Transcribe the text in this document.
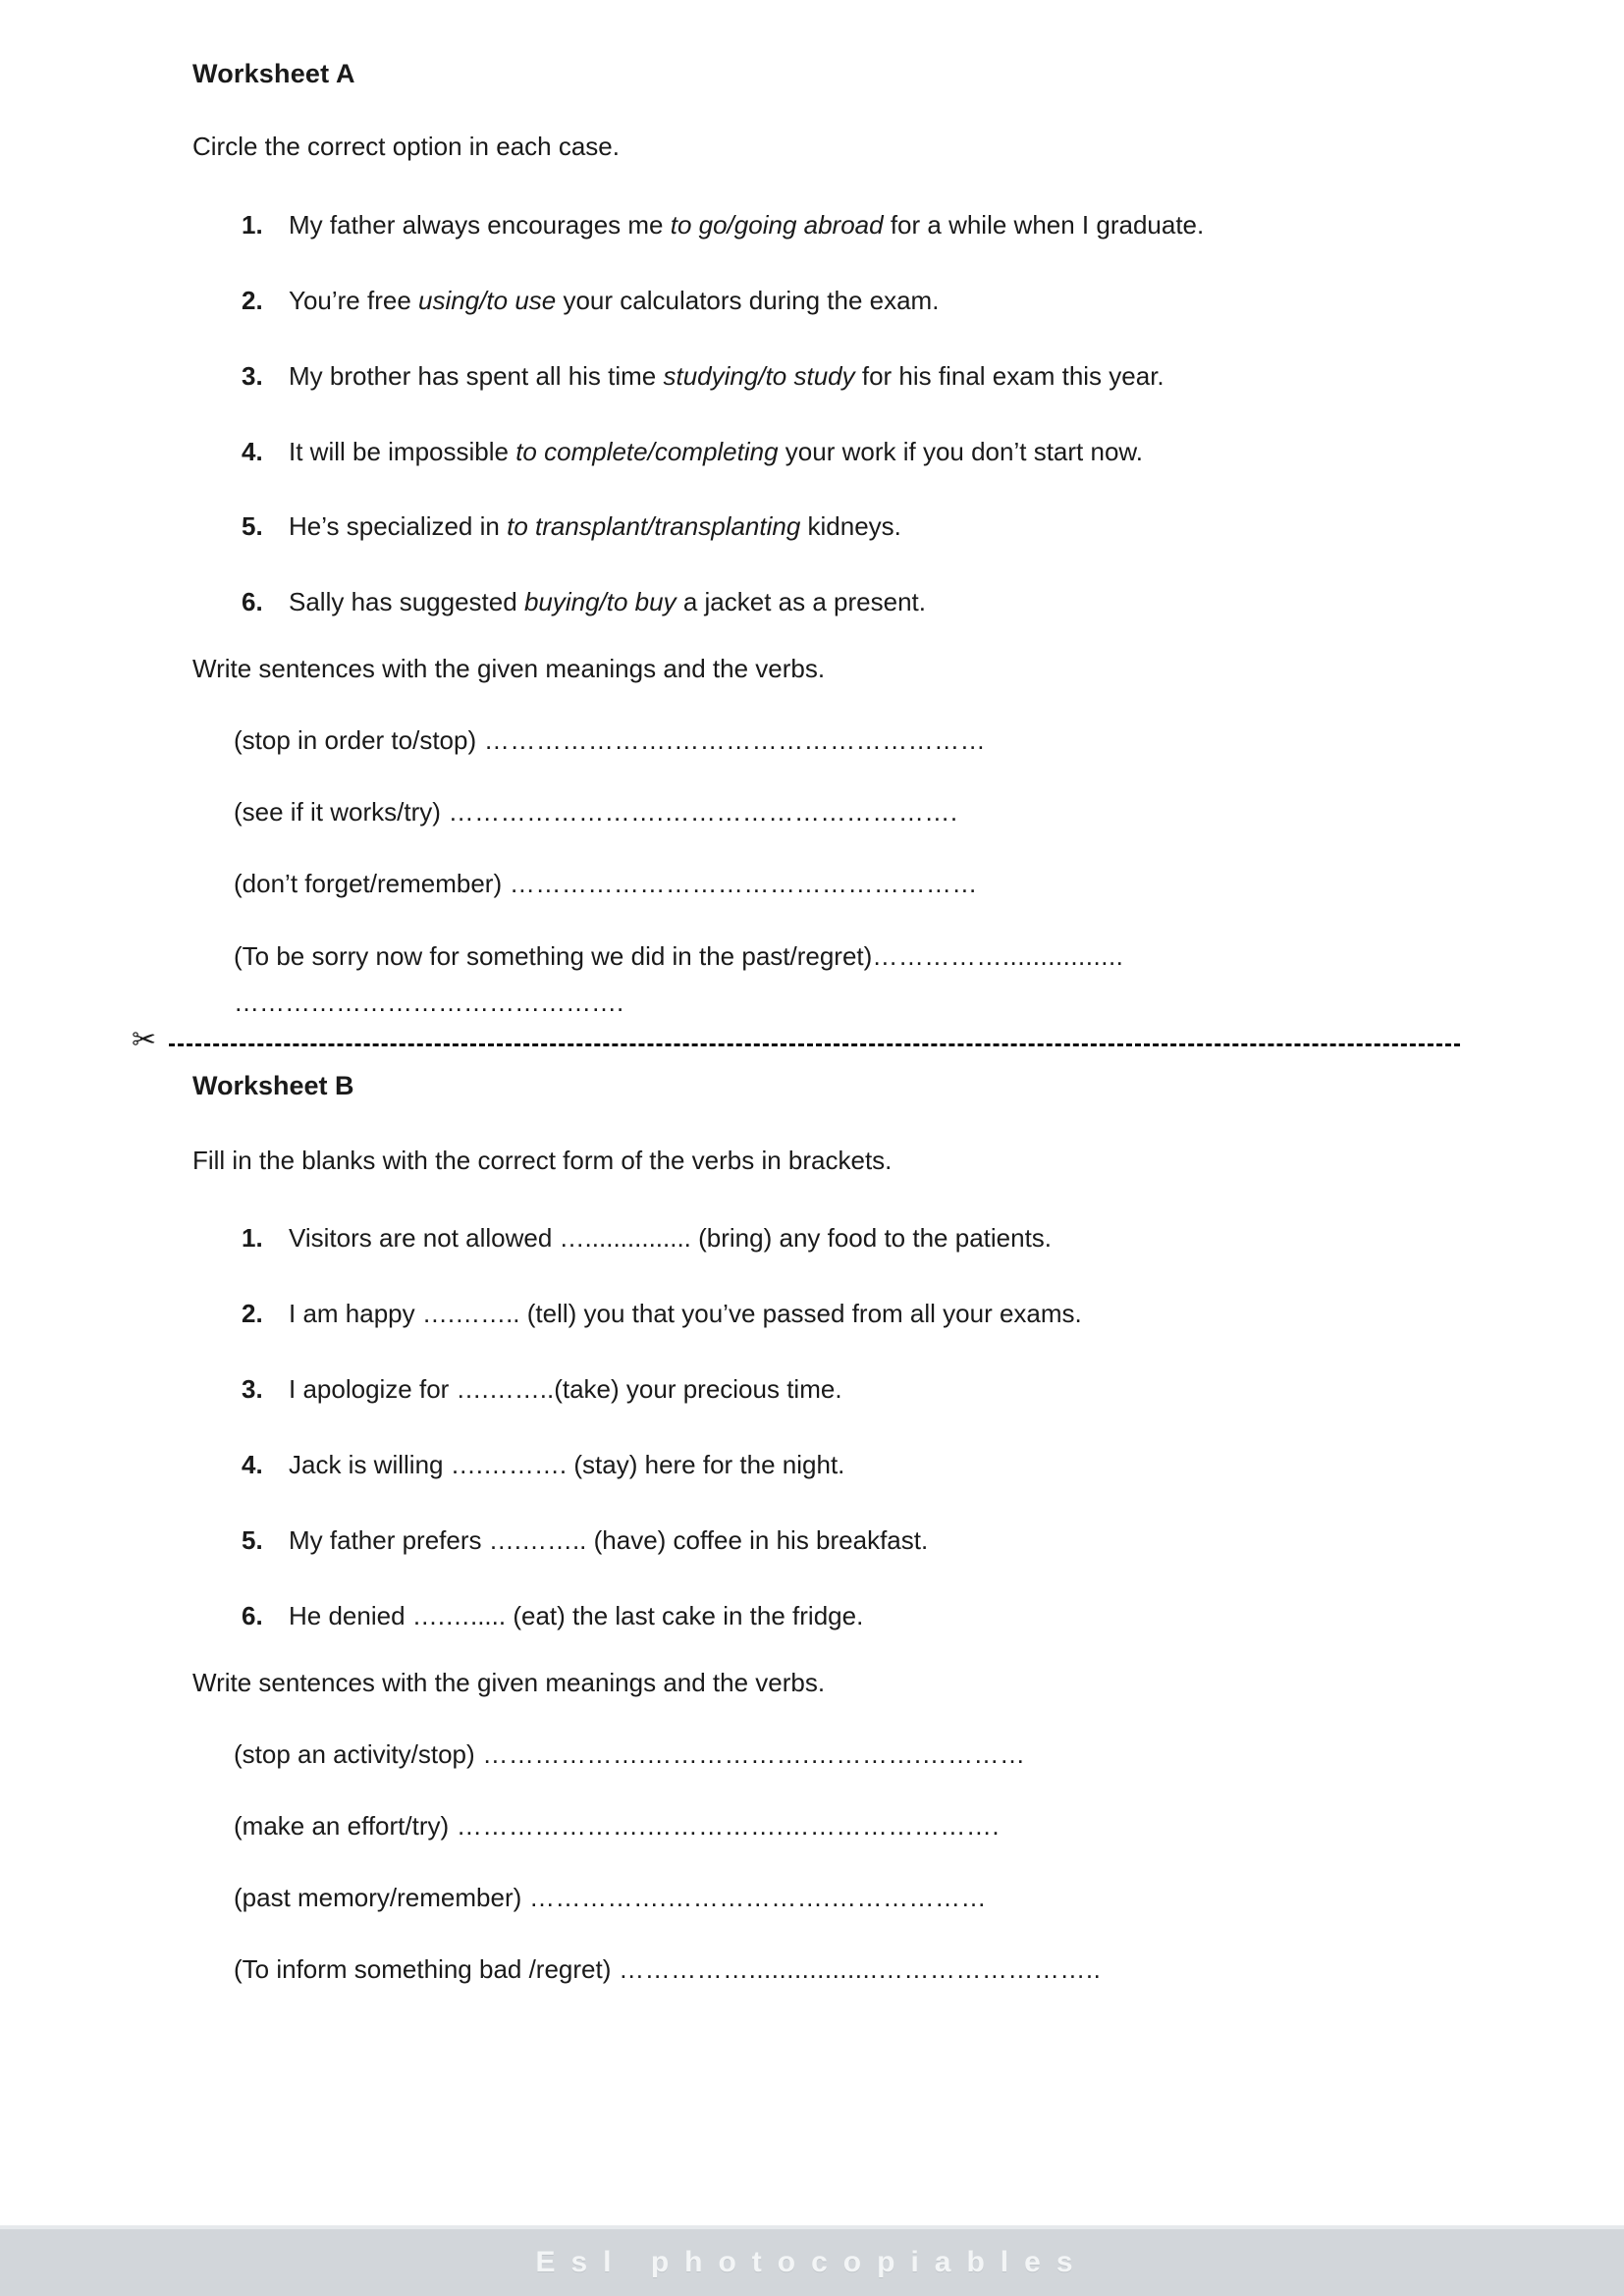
Worksheet A

Circle the correct option in each case.

1. My father always encourages me to go/going abroad for a while when I graduate.
2. You’re free using/to use your calculators during the exam.
3. My brother has spent all his time studying/to study for his final exam this year.
4. It will be impossible to complete/completing your work if you don’t start now.
5. He’s specialized in to transplant/transplanting kidneys.
6. Sally has suggested buying/to buy a jacket as a present.

Write sentences with the given meanings and the verbs.

(stop in order to/stop) ………………….………………………………
(see if it works/try) …………………….…………………………….
(don’t forget/remember) ………………………………………………
(To be sorry now for something we did in the past/regret)……………................
……………………………………….
✂
Worksheet B

Fill in the blanks with the correct form of the verbs in brackets.

1. Visitors are not allowed …............... (bring) any food to the patients.
2. I am happy ….…….. (tell) you that you’ve passed from all your exams.
3. I apologize for ….……..(take) your precious time.
4. Jack is willing ….………. (stay) here for the night.
5. My father prefers ….…….. (have) coffee in his breakfast.
6. He denied ….…..... (eat) the last cake in the fridge.

Write sentences with the given meanings and the verbs.

(stop an activity/stop) ……………….……………….………….…………
(make an effort/try) ………………….…………….…………………….
(past memory/remember) …………….……………….………………
(To inform something bad /regret) …………….................……………………..
Esl photocopiables
